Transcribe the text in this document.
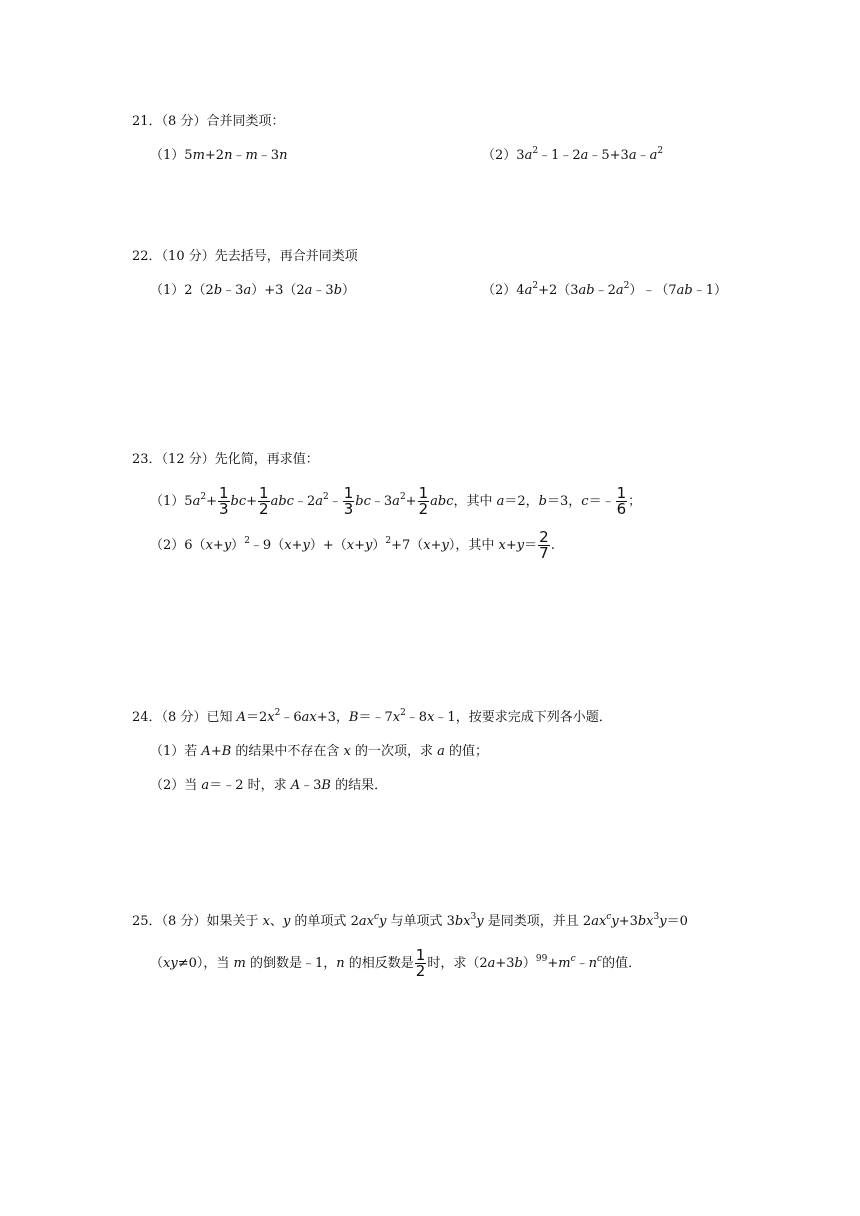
21．（8 分）合并同类项：
（1）5m+2n﹣m﹣3n	$(2)3a^2﹣1﹣2a﹣5+3a﹣a^2$
22．（10 分）先去括号，再合并同类项
（1）2（2b﹣3a）+3（2a﹣3b）	$(2)4a^2+2(3ab﹣2a^2)﹣(7ab﹣1)$
23．（12 分）先化简，再求值：
$(1)5a^2+ \frac{1}{3} bc+ \frac{1}{2}$ $abc﹣2a^2﹣ \frac{1}{3}$ $bc﹣3a^2+ \frac{1}{2}$ abc，其中 a＝2，b＝3，c＝﹣ $\frac{1}{6}$ ；
$(2)6(x+y)^2﹣9(x+y)+(x+y)^2+7(x+y)$，其中 $x+y= \frac{2}{7}$ .
24．（8 分）已知 $A=2x^2﹣6ax+3$，$B=﹣7x^2﹣8x﹣1$，按要求完成下列各小题．
（1）若 A+B 的结果中不存在含 x 的一次项，求 a 的值；
（2）当 a＝﹣2 时，求 A﹣3B 的结果．
25．（8 分）如果关于 x、y 的单项式 $2ax^cy$ 与单项式 $3bx^3y$ 是同类项，并且 $2ax^cy+3bx^3y=0$
（xy≠0），当 m 的倒数是﹣1，n 的相反数是 $\frac{1}{2}$ 时，求$(2a+3b)^{99}+m^c﹣n^c$的值．
